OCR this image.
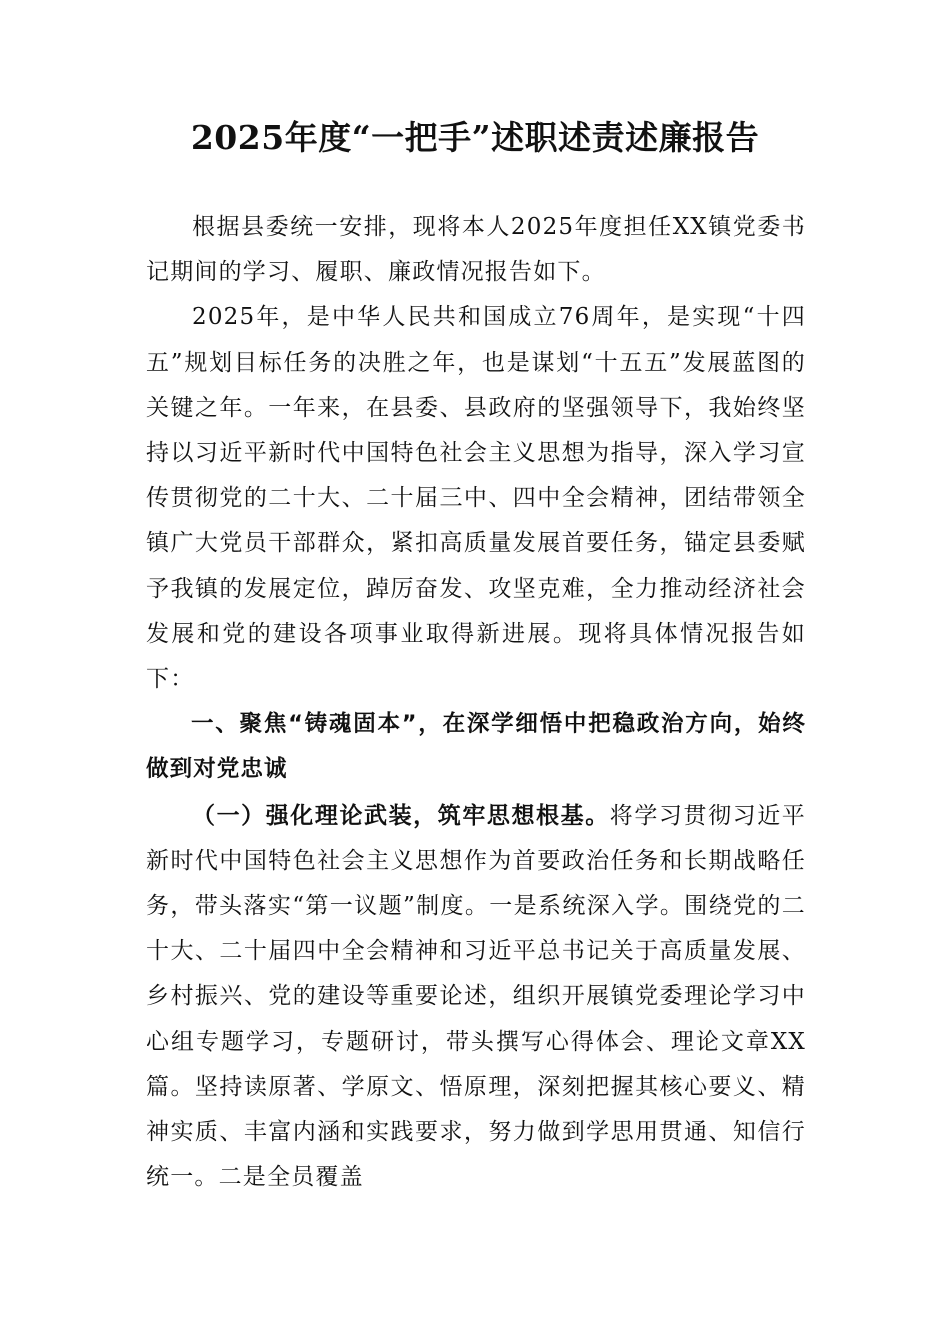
2025年度“一把手”述职述责述廉报告

根据县委统一安排，现将本人2025年度担任XX镇党委书记期间的学习、履职、廉政情况报告如下。

2025年，是中华人民共和国成立76周年，是实现“十四五”规划目标任务的决胜之年，也是谋划“十五五”发展蓝图的关键之年。一年来，在县委、县政府的坚强领导下，我始终坚持以习近平新时代中国特色社会主义思想为指导，深入学习宣传贯彻党的二十大、二十届三中、四中全会精神，团结带领全镇广大党员干部群众，紧扣高质量发展首要任务，锚定县委赋予我镇的发展定位，踔厉奋发、攻坚克难，全力推动经济社会发展和党的建设各项事业取得新进展。现将具体情况报告如下：

一、聚焦“铸魂固本”，在深学细悟中把稳政治方向，始终做到对党忠诚

（一）强化理论武装，筑牢思想根基。将学习贯彻习近平新时代中国特色社会主义思想作为首要政治任务和长期战略任务，带头落实“第一议题”制度。一是系统深入学。围绕党的二十大、二十届四中全会精神和习近平总书记关于高质量发展、乡村振兴、党的建设等重要论述，组织开展镇党委理论学习中心组专题学习，专题研讨，带头撰写心得体会、理论文章XX篇。坚持读原著、学原文、悟原理，深刻把握其核心要义、精神实质、丰富内涵和实践要求，努力做到学思用贯通、知信行统一。二是全员覆盖
